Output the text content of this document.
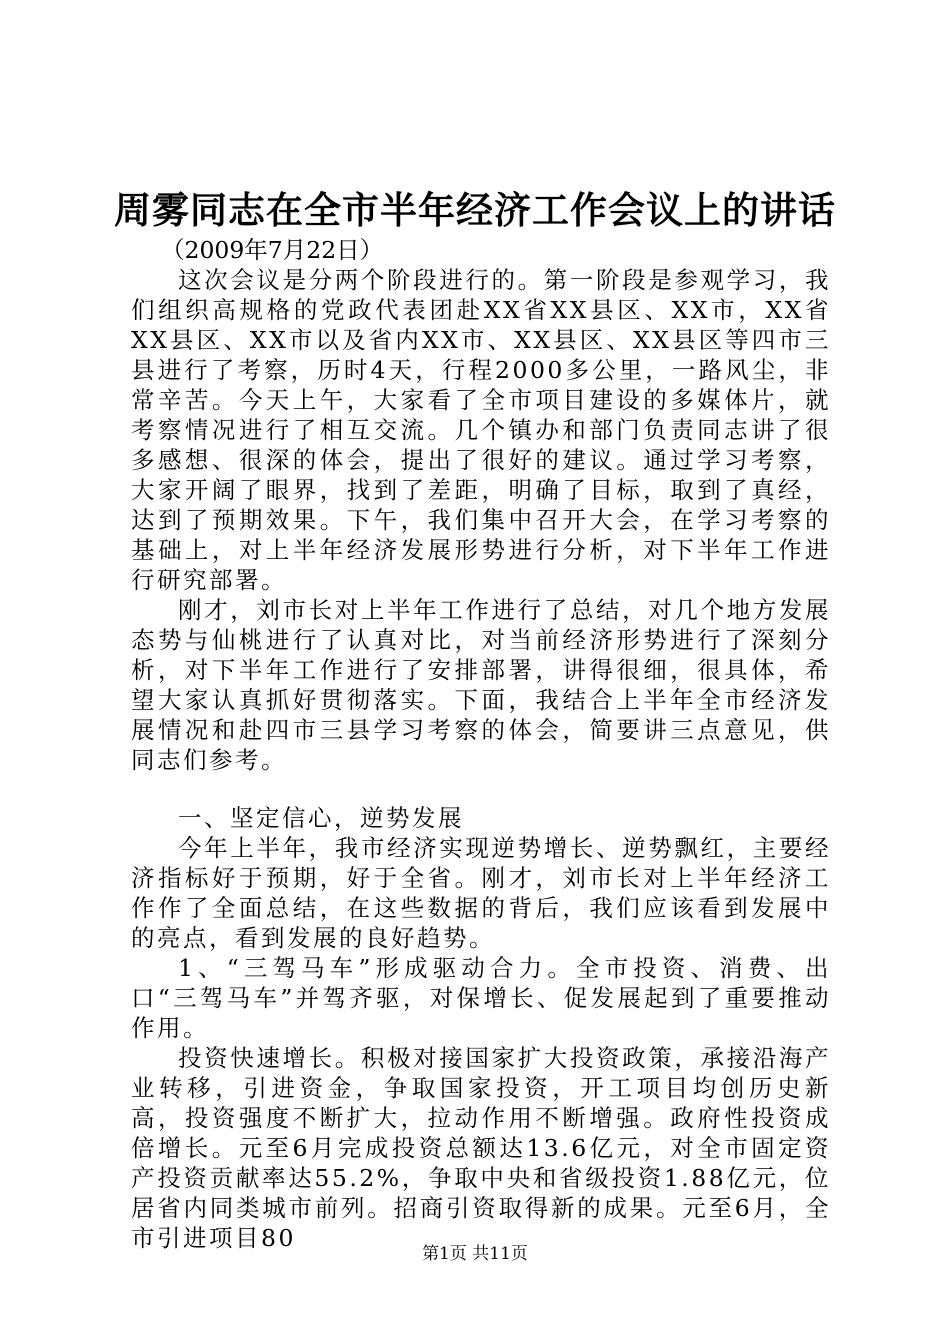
周雾同志在全市半年经济工作会议上的讲话

（2009年7月22日）

这次会议是分两个阶段进行的。第一阶段是参观学习，我们组织高规格的党政代表团赴XX省XX县区、XX市，XX省XX县区、XX市以及省内XX市、XX县区、XX县区等四市三县进行了考察，历时4天，行程2000多公里，一路风尘，非常辛苦。今天上午，大家看了全市项目建设的多媒体片，就考察情况进行了相互交流。几个镇办和部门负责同志讲了很多感想、很深的体会，提出了很好的建议。通过学习考察，大家开阔了眼界，找到了差距，明确了目标，取到了真经，达到了预期效果。下午，我们集中召开大会，在学习考察的基础上，对上半年经济发展形势进行分析，对下半年工作进行研究部署。

刚才，刘市长对上半年工作进行了总结，对几个地方发展态势与仙桃进行了认真对比，对当前经济形势进行了深刻分析，对下半年工作进行了安排部署，讲得很细，很具体，希望大家认真抓好贯彻落实。下面，我结合上半年全市经济发展情况和赴四市三县学习考察的体会，简要讲三点意见，供同志们参考。

一、坚定信心，逆势发展

今年上半年，我市经济实现逆势增长、逆势飘红，主要经济指标好于预期，好于全省。刚才，刘市长对上半年经济工作作了全面总结，在这些数据的背后，我们应该看到发展中的亮点，看到发展的良好趋势。

1、“三驾马车”形成驱动合力。全市投资、消费、出口“三驾马车”并驾齐驱，对保增长、促发展起到了重要推动作用。

投资快速增长。积极对接国家扩大投资政策，承接沿海产业转移，引进资金，争取国家投资，开工项目均创历史新高，投资强度不断扩大，拉动作用不断增强。政府性投资成倍增长。元至6月完成投资总额达13.6亿元，对全市固定资产投资贡献率达55.2%，争取中央和省级投资1.88亿元，位居省内同类城市前列。招商引资取得新的成果。元至6月，全市引进项目80

第1页 共11页
